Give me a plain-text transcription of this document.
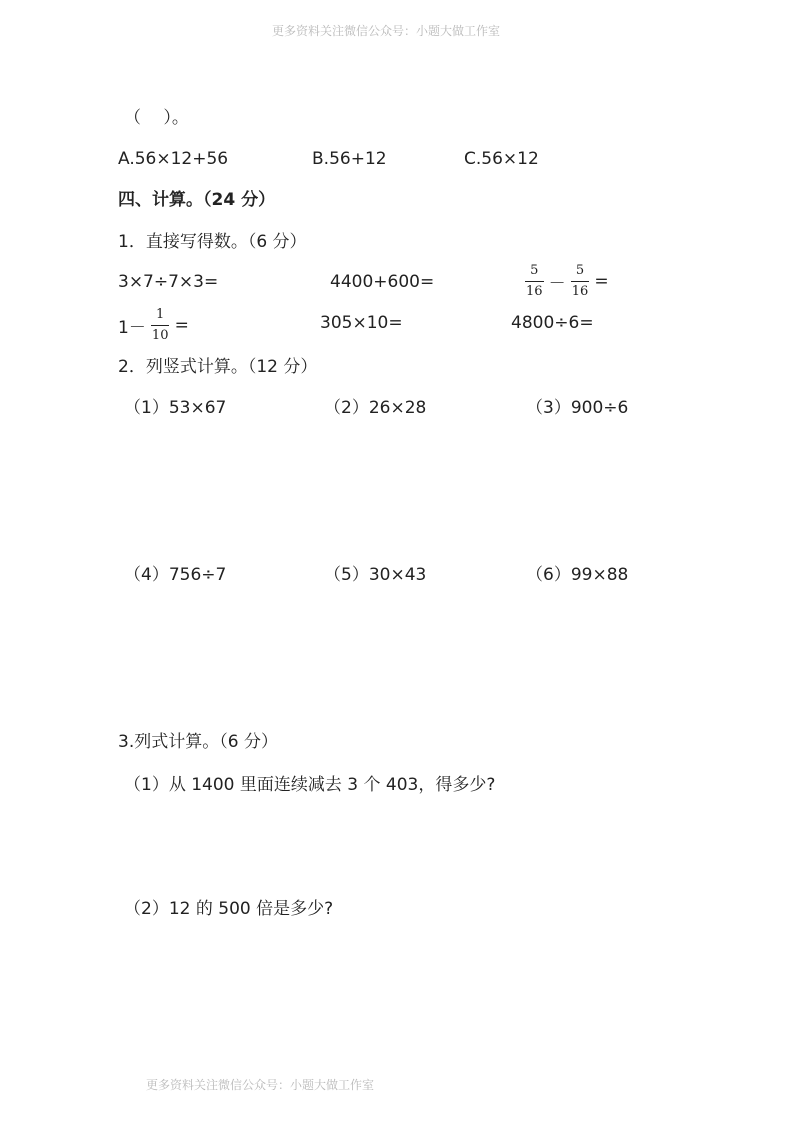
更多资料关注微信公众号：小题大做工作室
（　 ）。
A.56×12+56	B.56+12	C.56×12
四、计算。（24 分）
1．直接写得数。（6 分）
3×7÷7×3=	4400+600=	$\frac{5}{16} - \frac{5}{16}$ =
$1- \frac{1}{10}$ =	305×10=	4800÷6=
2．列竖式计算。（12 分）
（1）53×67	（2）26×28	（3）900÷6
（4）756÷7	（5）30×43	（6）99×88
3.列式计算。（6 分）
（1）从 1400 里面连续减去 3 个 403，得多少?
（2）12 的 500 倍是多少?
更多资料关注微信公众号：小题大做工作室
